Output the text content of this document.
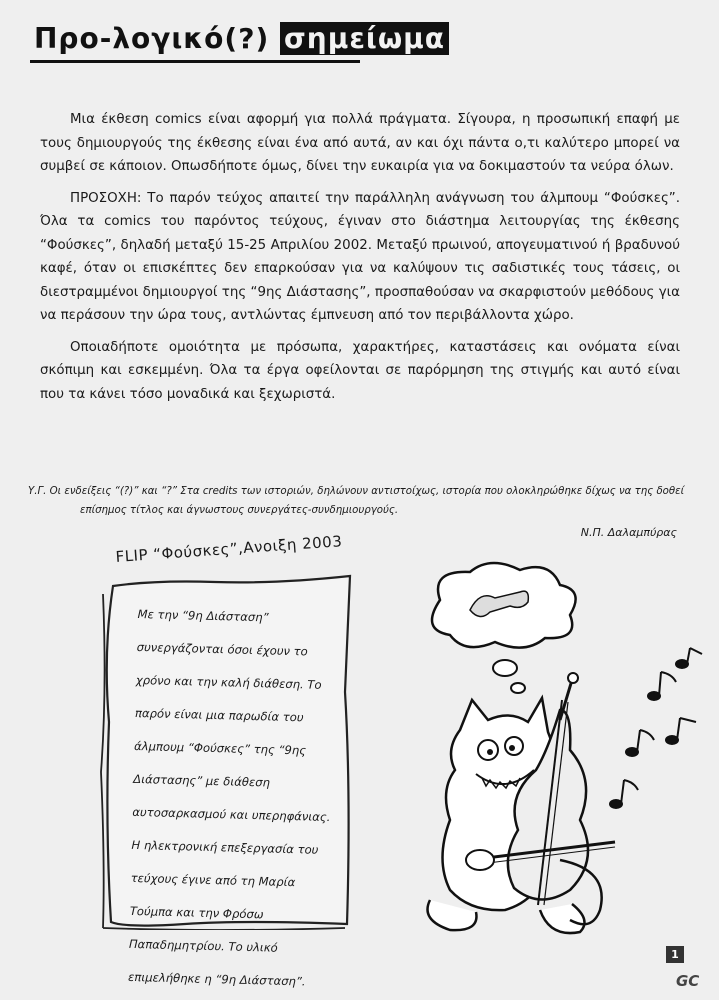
Προ-λογικό(?) σημείωμα

Μια έκθεση comics είναι αφορμή για πολλά πράγματα. Σίγουρα, η προσωπική επαφή με τους δημιουργούς της έκθεσης είναι ένα από αυτά, αν και όχι πάντα ο,τι καλύτερο μπορεί να συμβεί σε κάποιον. Οπωσδήποτε όμως, δίνει την ευκαιρία για να δοκιμαστούν τα νεύρα όλων.

ΠΡΟΣΟΧΗ: Το παρόν τεύχος απαιτεί την παράλληλη ανάγνωση του άλμπουμ “Φούσκες”. Όλα τα comics του παρόντος τεύχους, έγιναν στο διάστημα λειτουργίας της έκθεσης “Φούσκες”, δηλαδή μεταξύ 15-25 Απριλίου 2002. Μεταξύ πρωινού, απογευματινού ή βραδυνού καφέ, όταν οι επισκέπτες δεν επαρκούσαν για να καλύψουν τις σαδιστικές τους τάσεις, οι διεστραμμένοι δημιουργοί της “9ης Διάστασης”, προσπαθούσαν να σκαρφιστούν μεθόδους για να περάσουν την ώρα τους, αντλώντας έμπνευση από τον περιβάλλοντα χώρο.

Οποιαδήποτε ομοιότητα με πρόσωπα, χαρακτήρες, καταστάσεις και ονόματα είναι σκόπιμη και εσκεμμένη. Όλα τα έργα οφείλονται σε παρόρμηση της στιγμής και αυτό είναι που τα κάνει τόσο μοναδικά και ξεχωριστά.

Υ.Γ. Οι ενδείξεις “(?)” και “?” Στα credits των ιστοριών, δηλώνουν αντιστοίχως, ιστορία που ολοκληρώθηκε δίχως να της δοθεί
επίσημος τίτλος και άγνωστους συνεργάτες-συνδημιουργούς.
Ν.Π. Δαλαμπύρας
FLIP “Φούσκες”,Ανοιξη 2003
Με την “9η Διάσταση” συνεργάζονται όσοι έχουν το χρόνο και την καλή διάθεση. Το παρόν είναι μια παρωδία του άλμπουμ “Φούσκες” της “9ης Διάστασης” με διάθεση αυτοσαρκασμού και υπερηφάνιας. Η ηλεκτρονική επεξεργασία του τεύχους έγινε από τη Μαρία Τούμπα και την Φρόσω Παπαδημητρίου. Το υλικό επιμελήθηκε η “9η Διάσταση”.
1
GC
